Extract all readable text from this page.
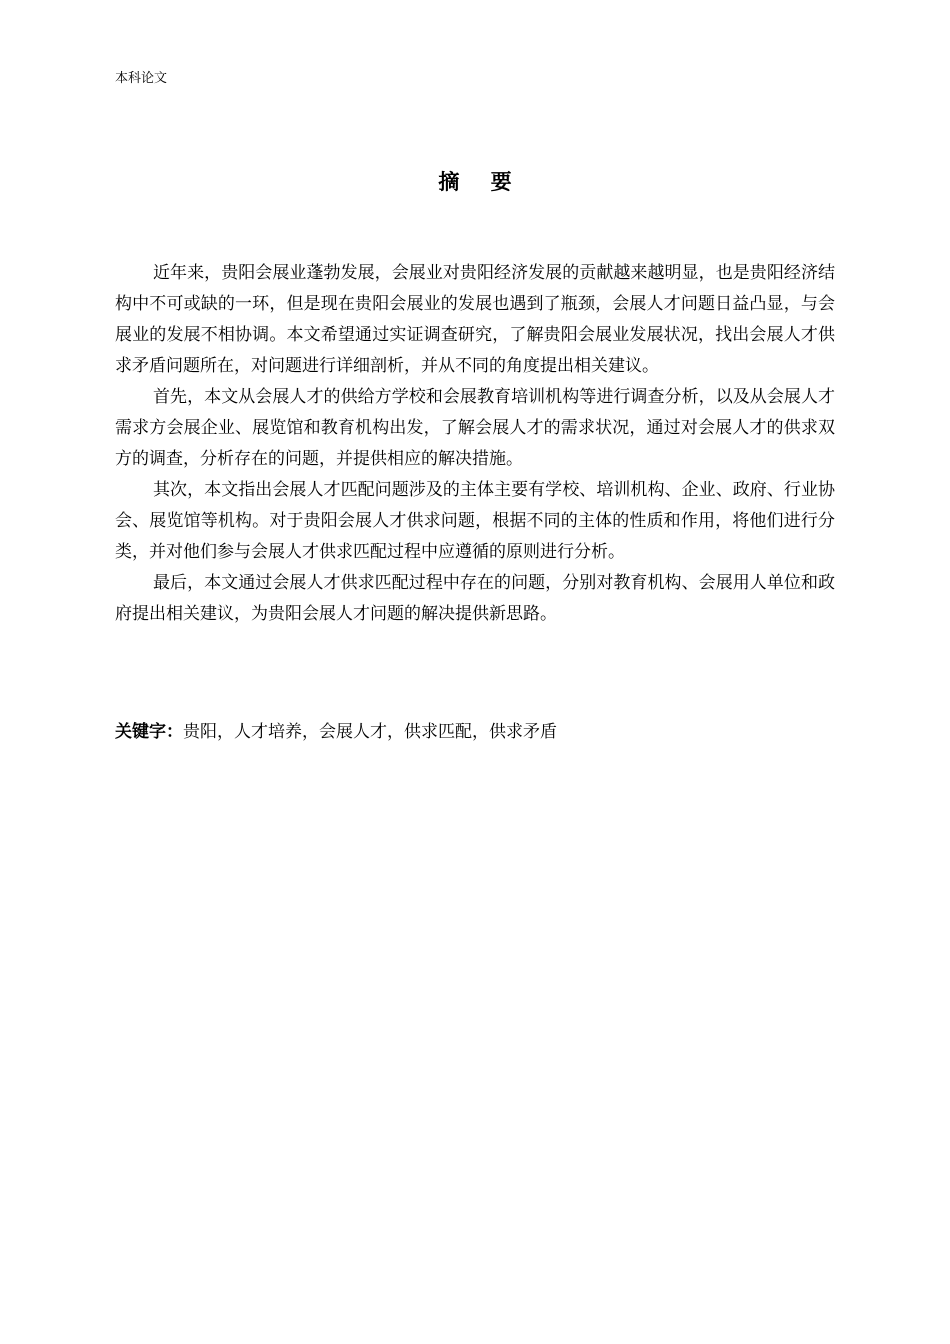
本科论文
摘 要

近年来，贵阳会展业蓬勃发展，会展业对贵阳经济发展的贡献越来越明显，也是贵阳经济结构中不可或缺的一环，但是现在贵阳会展业的发展也遇到了瓶颈，会展人才问题日益凸显，与会展业的发展不相协调。本文希望通过实证调查研究，了解贵阳会展业发展状况，找出会展人才供求矛盾问题所在，对问题进行详细剖析，并从不同的角度提出相关建议。

首先，本文从会展人才的供给方学校和会展教育培训机构等进行调查分析，以及从会展人才需求方会展企业、展览馆和教育机构出发，了解会展人才的需求状况，通过对会展人才的供求双方的调查，分析存在的问题，并提供相应的解决措施。

其次，本文指出会展人才匹配问题涉及的主体主要有学校、培训机构、企业、政府、行业协会、展览馆等机构。对于贵阳会展人才供求问题，根据不同的主体的性质和作用，将他们进行分类，并对他们参与会展人才供求匹配过程中应遵循的原则进行分析。

最后，本文通过会展人才供求匹配过程中存在的问题，分别对教育机构、会展用人单位和政府提出相关建议，为贵阳会展人才问题的解决提供新思路。

关键字：贵阳，人才培养，会展人才，供求匹配，供求矛盾
